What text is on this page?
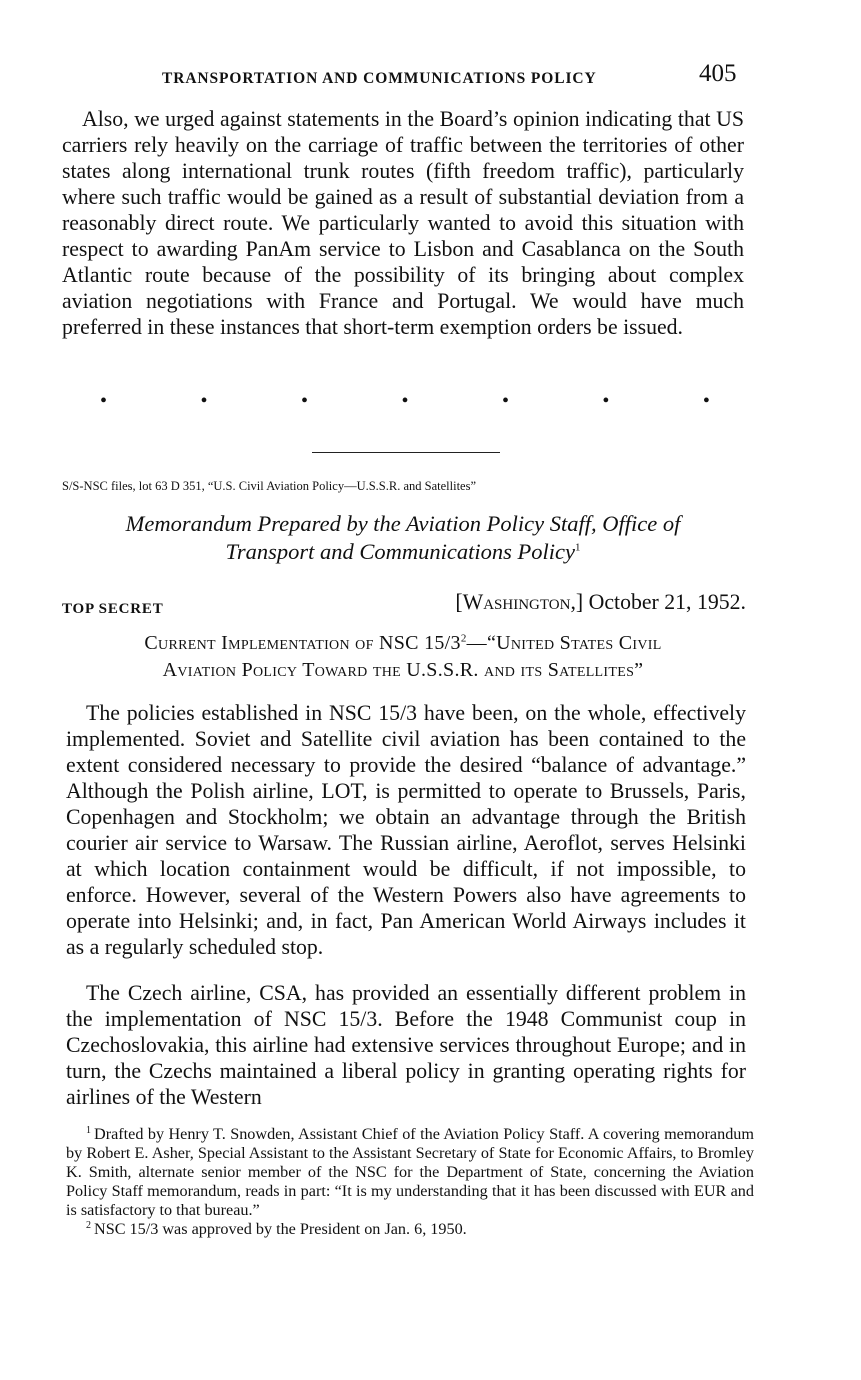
TRANSPORTATION AND COMMUNICATIONS POLICY	405

Also, we urged against statements in the Board’s opinion indicating that US carriers rely heavily on the carriage of traffic between the territories of other states along international trunk routes (fifth freedom traffic), particularly where such traffic would be gained as a result of substantial deviation from a reasonably direct route. We particularly wanted to avoid this situation with respect to awarding PanAm service to Lisbon and Casablanca on the South Atlantic route because of the possibility of its bringing about complex aviation negotiations with France and Portugal. We would have much preferred in these instances that short-term exemption orders be issued.

•	•	•	•	•	•	•
S/S-NSC files, lot 63 D 351, “U.S. Civil Aviation Policy—U.S.S.R. and Satellites”
Memorandum Prepared by the Aviation Policy Staff, Office of
Transport and Communications Policy$^1$
TOP SECRET	[Washington,] October 21, 1952.
Current Implementation of NSC $15/3^2—“United$ States Civil
Aviation Policy Toward the U.S.S.R. and its Satellites”

The policies established in NSC 15/3 have been, on the whole, effectively implemented. Soviet and Satellite civil aviation has been contained to the extent considered necessary to provide the desired “balance of advantage.” Although the Polish airline, LOT, is permitted to operate to Brussels, Paris, Copenhagen and Stockholm; we obtain an advantage through the British courier air service to Warsaw. The Russian airline, Aeroflot, serves Helsinki at which location containment would be difficult, if not impossible, to enforce. However, several of the Western Powers also have agreements to operate into Helsinki; and, in fact, Pan American World Airways includes it as a regularly scheduled stop.

The Czech airline, CSA, has provided an essentially different problem in the implementation of NSC 15/3. Before the 1948 Communist coup in Czechoslovakia, this airline had extensive services throughout Europe; and in turn, the Czechs maintained a liberal policy in granting operating rights for airlines of the Western

$^1$ Drafted by Henry T. Snowden, Assistant Chief of the Aviation Policy Staff. A covering memorandum by Robert E. Asher, Special Assistant to the Assistant Secretary of State for Economic Affairs, to Bromley K. Smith, alternate senior member of the NSC for the Department of State, concerning the Aviation Policy Staff memorandum, reads in part: “It is my understanding that it has been discussed with EUR and is satisfactory to that bureau.”

$^2$ NSC 15/3 was approved by the President on Jan. 6, 1950.
